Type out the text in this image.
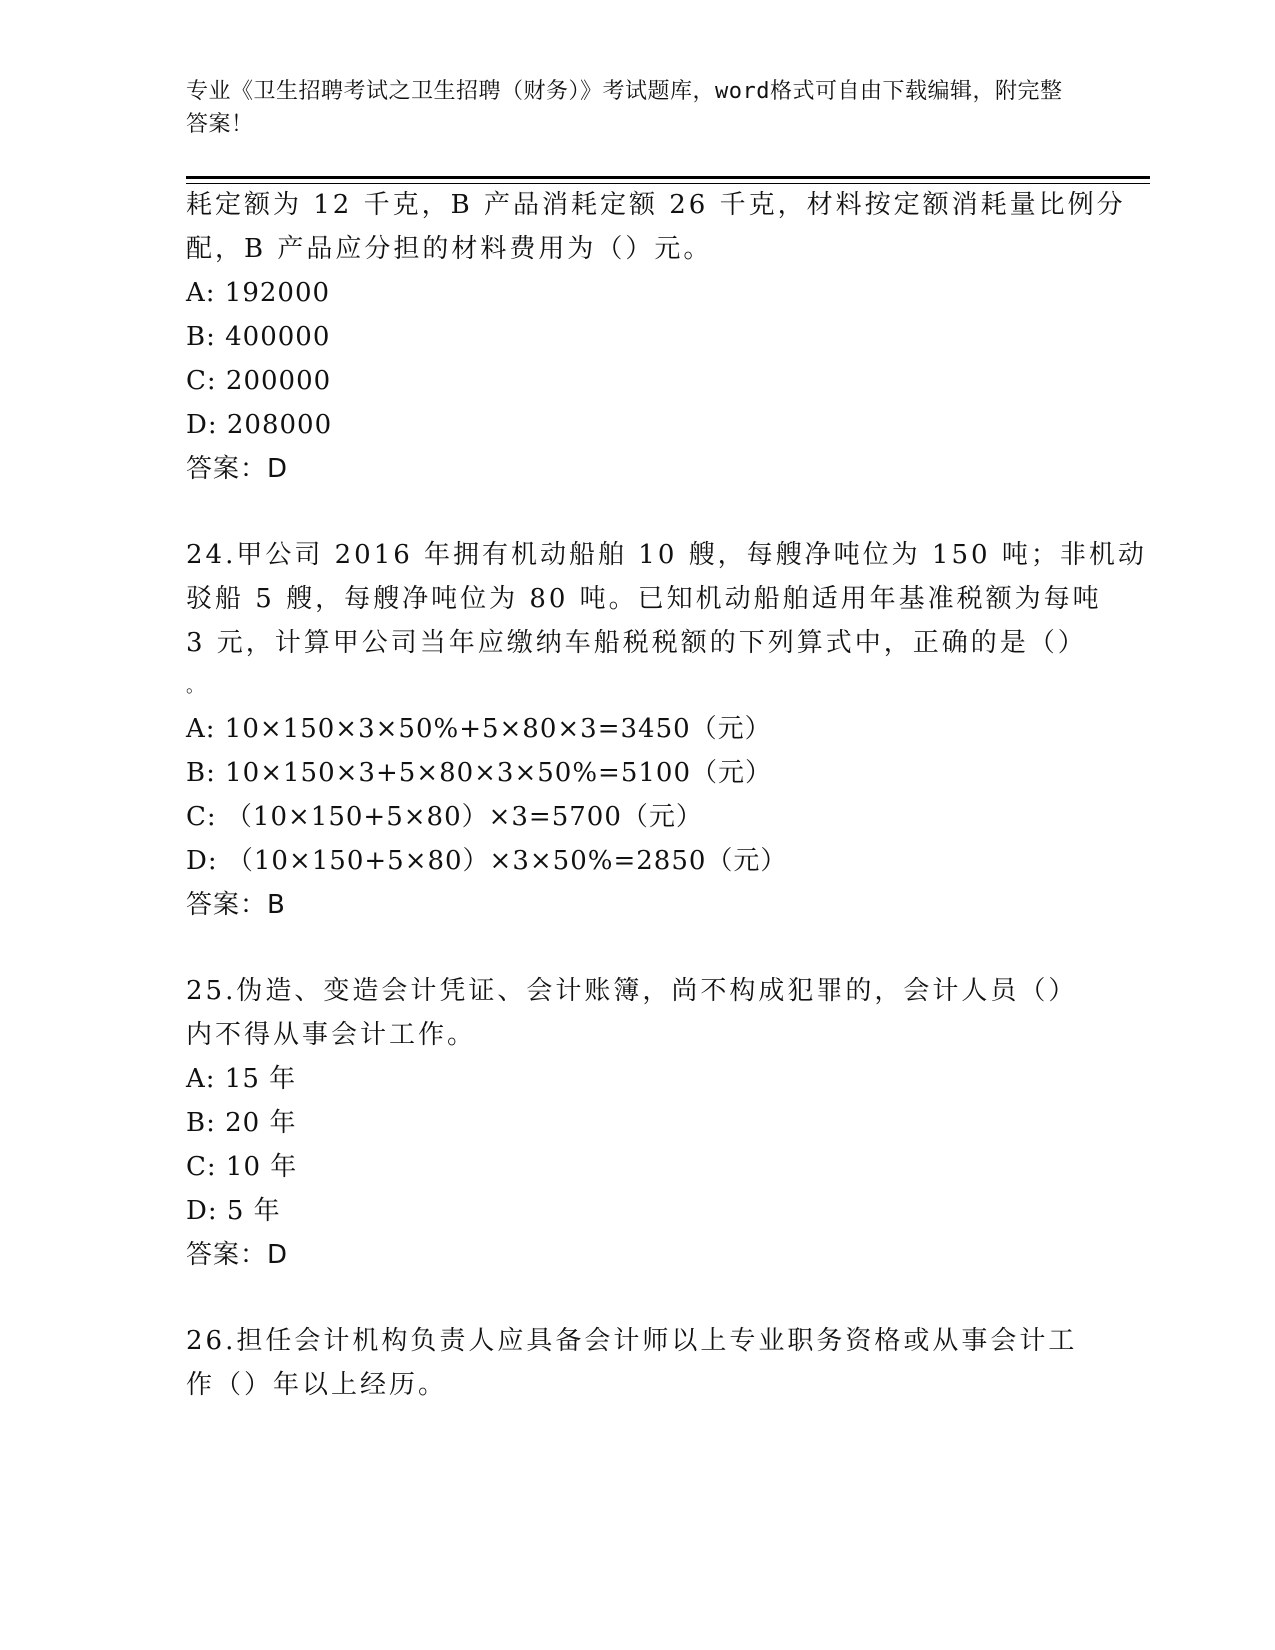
专业《卫生招聘考试之卫生招聘（财务）》考试题库，word格式可自由下载编辑，附完整答案！
耗定额为 12 千克，B 产品消耗定额 26 千克，材料按定额消耗量比例分
配，B 产品应分担的材料费用为（）元。
A: 192000
B: 400000
C: 200000
D: 208000
答案：D
24.甲公司 2016 年拥有机动船舶 10 艘，每艘净吨位为 150 吨；非机动
驳船 5 艘，每艘净吨位为 80 吨。已知机动船舶适用年基准税额为每吨
3 元，计算甲公司当年应缴纳车船税税额的下列算式中，正确的是（）
。
A: 10×150×3×50%+5×80×3=3450（元）
B: 10×150×3+5×80×3×50%=5100（元）
C: （10×150+5×80）×3=5700（元）
D: （10×150+5×80）×3×50%=2850（元）
答案：B
25.伪造、变造会计凭证、会计账簿，尚不构成犯罪的，会计人员（）
内不得从事会计工作。
A: 15 年
B: 20 年
C: 10 年
D: 5 年
答案：D
26.担任会计机构负责人应具备会计师以上专业职务资格或从事会计工
作（）年以上经历。
